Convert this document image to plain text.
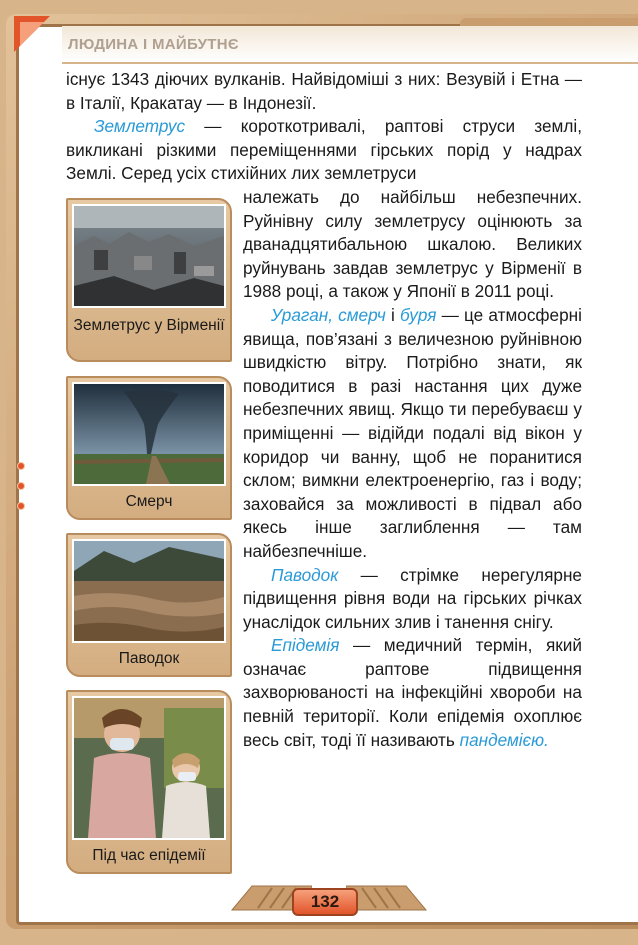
ЛЮДИНА І МАЙБУТНЄ

існує 1343 діючих вулканів. Найвідоміші з них: Везувій і Етна — в Італії, Кракатау — в Індонезії.

Землетрус — короткотривалі, раптові струси землі, викликані різкими переміщеннями гірських порід у надрах Землі. Серед усіх стихійних лих землетруси

належать до найбільш небезпечних. Руйнівну силу землетрусу оцінюють за дванадцятибальною шкалою. Великих руйнувань завдав землетрус у Вірменії в 1988 році, а також у Японії в 2011 році.

Ураган, смерч і буря — це атмосферні явища, пов’язані з величезною руйнівною швидкістю вітру. Потрібно знати, як поводитися в разі настання цих дуже небезпечних явищ. Якщо ти перебуваєш у приміщенні — відійди подалі від вікон у коридор чи ванну, щоб не поранитися склом; вимкни електроенергію, газ і воду; заховайся за можливості в підвал або якесь інше заглиблення — там найбезпечніше.

Паводок — стрімке нерегулярне підвищення рівня води на гірських річках унаслідок сильних злив і танення снігу.

Епідемія — медичний термін, який означає раптове підвищення захворюваності на інфекційні хвороби на певній території. Коли епідемія охоплює весь світ, тоді її називають пандемією.

Землетрус у Вірменії
Смерч
Паводок
Під час епідемії
132
